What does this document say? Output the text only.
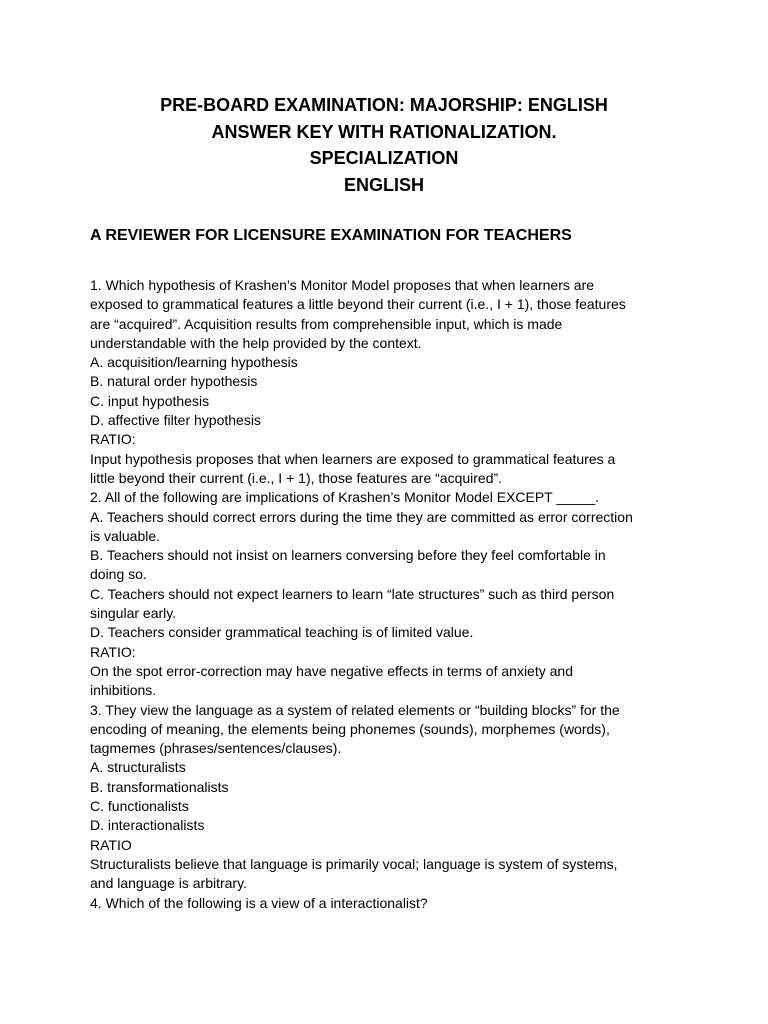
PRE-BOARD EXAMINATION: MAJORSHIP: ENGLISH
ANSWER KEY WITH RATIONALIZATION.
SPECIALIZATION
ENGLISH
A REVIEWER FOR LICENSURE EXAMINATION FOR TEACHERS
1. Which hypothesis of Krashen’s Monitor Model proposes that when learners are
exposed to grammatical features a little beyond their current (i.e., I + 1), those features
are “acquired”. Acquisition results from comprehensible input, which is made
understandable with the help provided by the context.
A. acquisition/learning hypothesis
B. natural order hypothesis
C. input hypothesis
D. affective filter hypothesis
RATIO:
Input hypothesis proposes that when learners are exposed to grammatical features a
little beyond their current (i.e., I + 1), those features are “acquired”.
2. All of the following are implications of Krashen’s Monitor Model EXCEPT _____.
A. Teachers should correct errors during the time they are committed as error correction
is valuable.
B. Teachers should not insist on learners conversing before they feel comfortable in
doing so.
C. Teachers should not expect learners to learn “late structures” such as third person
singular early.
D. Teachers consider grammatical teaching is of limited value.
RATIO:
On the spot error-correction may have negative effects in terms of anxiety and
inhibitions.
3. They view the language as a system of related elements or “building blocks” for the
encoding of meaning, the elements being phonemes (sounds), morphemes (words),
tagmemes (phrases/sentences/clauses).
A. structuralists
B. transformationalists
C. functionalists
D. interactionalists
RATIO
Structuralists believe that language is primarily vocal; language is system of systems,
and language is arbitrary.
4. Which of the following is a view of a interactionalist?
